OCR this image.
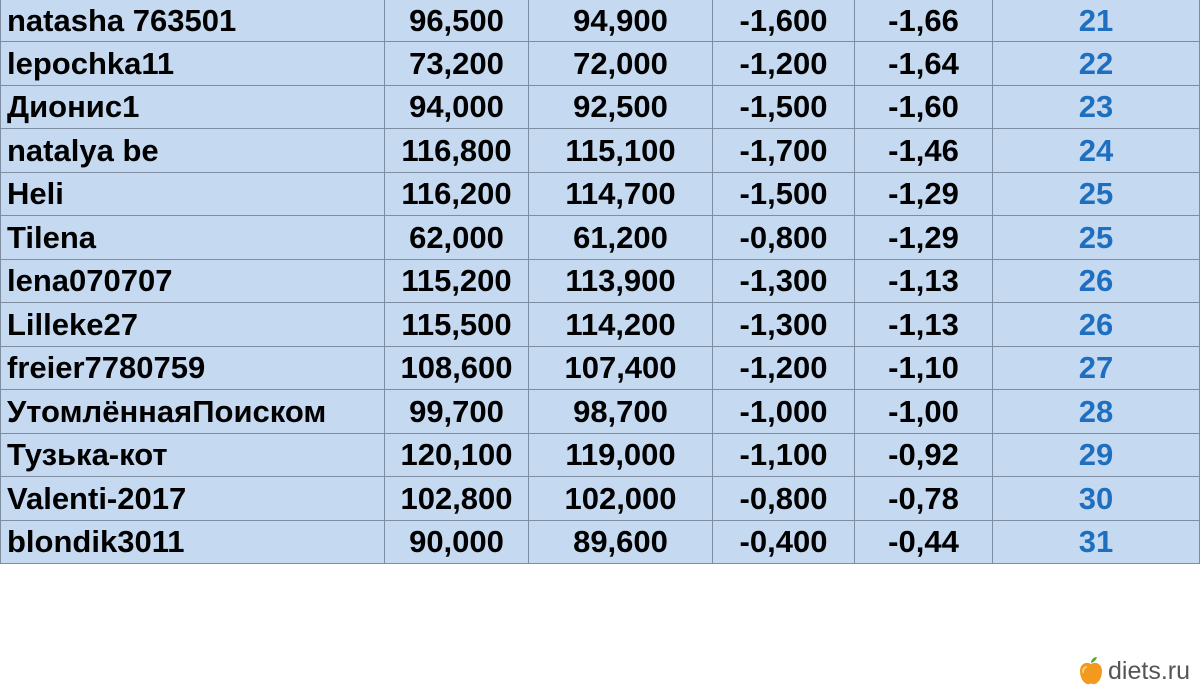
natasha 763501	96,500	94,900	-1,600	-1,66	21
lepochka11	73,200	72,000	-1,200	-1,64	22
Дионис1	94,000	92,500	-1,500	-1,60	23
natalya be	116,800	115,100	-1,700	-1,46	24
Heli	116,200	114,700	-1,500	-1,29	25
Tilena	62,000	61,200	-0,800	-1,29	25
lena070707	115,200	113,900	-1,300	-1,13	26
Lilleke27	115,500	114,200	-1,300	-1,13	26
freier7780759	108,600	107,400	-1,200	-1,10	27
УтомлённаяПоиском	99,700	98,700	-1,000	-1,00	28
Тузька-кот	120,100	119,000	-1,100	-0,92	29
Valenti-2017	102,800	102,000	-0,800	-0,78	30
blondik3011	90,000	89,600	-0,400	-0,44	31
diets.ru
